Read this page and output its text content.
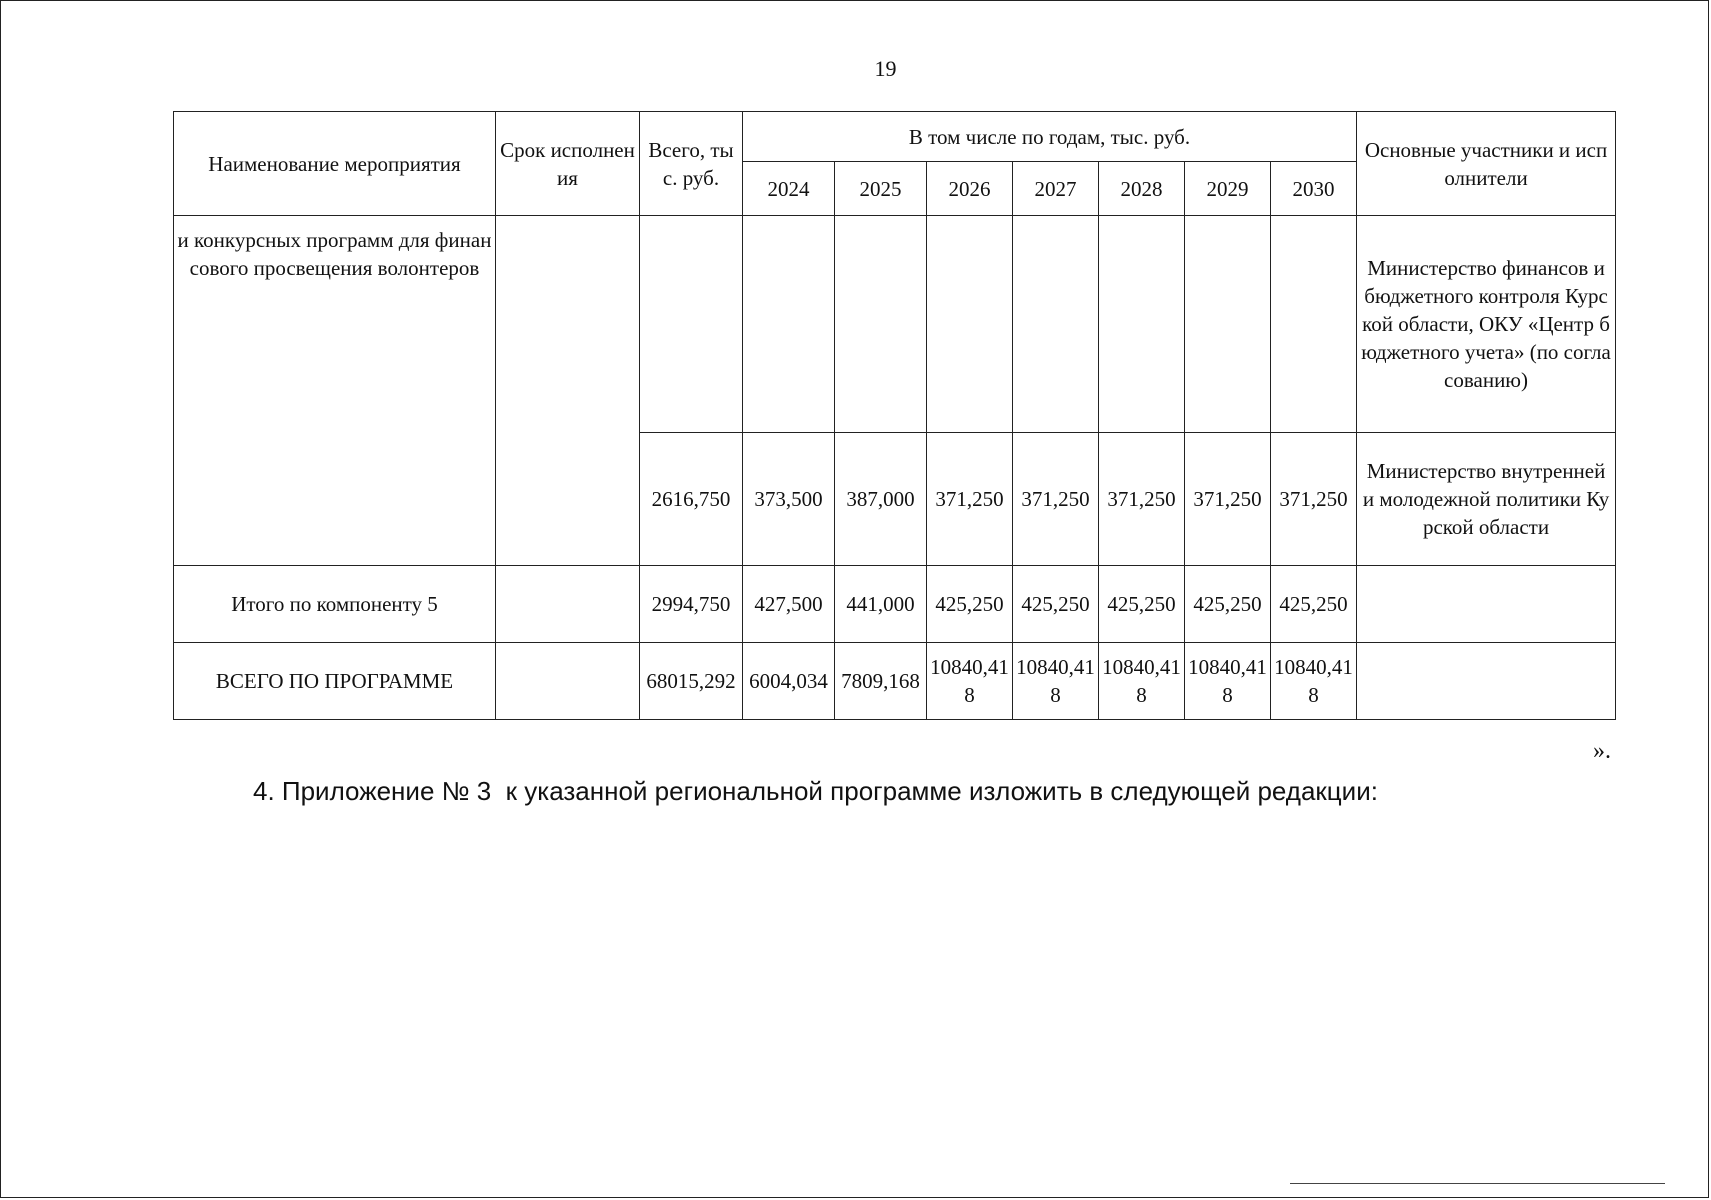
19
Наименование мероприятия	Срок исполнения	Всего, тыс. руб.	В том числе по годам, тыс. руб.							Основные участники и исполнители
			2024	2025	2026	2027	2028	2029	2030	
и конкурсных программ для финансового просвещения волонтеров										Министерство финансов и бюджетного контроля Курской области, ОКУ «Центр бюджетного учета» (по согласованию)
		2616,750	373,500	387,000	371,250	371,250	371,250	371,250	371,250	Министерство внутренней и молодежной политики Курской области
Итого по компоненту 5		2994,750	427,500	441,000	425,250	425,250	425,250	425,250	425,250	
ВСЕГО ПО ПРОГРАММЕ		68015,292	6004,034	7809,168	10840,418	10840,418	10840,418	10840,418	10840,418	
».
4. Приложение № 3  к указанной региональной программе изложить в следующей редакции:
